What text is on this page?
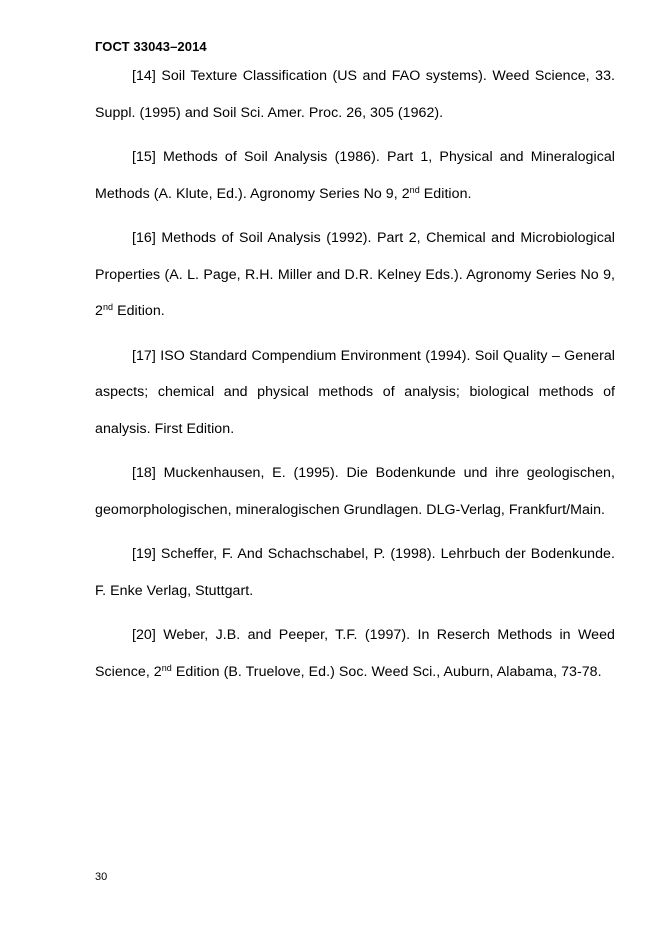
ГОСТ 33043–2014

[14] Soil Texture Classification (US and FAO systems). Weed Science, 33. Suppl. (1995) and Soil Sci. Amer. Proc. 26, 305 (1962).

[15] Methods of Soil Analysis (1986). Part 1, Physical and Mineralogical Methods (A. Klute, Ed.). Agronomy Series No 9, 2nd Edition.

[16] Methods of Soil Analysis (1992). Part 2, Chemical and Microbiological Properties (A. L. Page, R.H. Miller and D.R. Kelney Eds.). Agronomy Series No 9, 2nd Edition.

[17] ISO Standard Compendium Environment (1994). Soil Quality – General aspects; chemical and physical methods of analysis; biological methods of analysis. First Edition.

[18] Muckenhausen, E. (1995). Die Bodenkunde und ihre geologischen, geomorphologischen, mineralogischen Grundlagen. DLG-Verlag, Frankfurt/Main.

[19] Scheffer, F. And Schachschabel, P. (1998). Lehrbuch der Bodenkunde. F. Enke Verlag, Stuttgart.

[20] Weber, J.B. and Peeper, T.F. (1997). In Reserch Methods in Weed Science, 2nd Edition (B. Truelove, Ed.) Soc. Weed Sci., Auburn, Alabama, 73-78.

30
